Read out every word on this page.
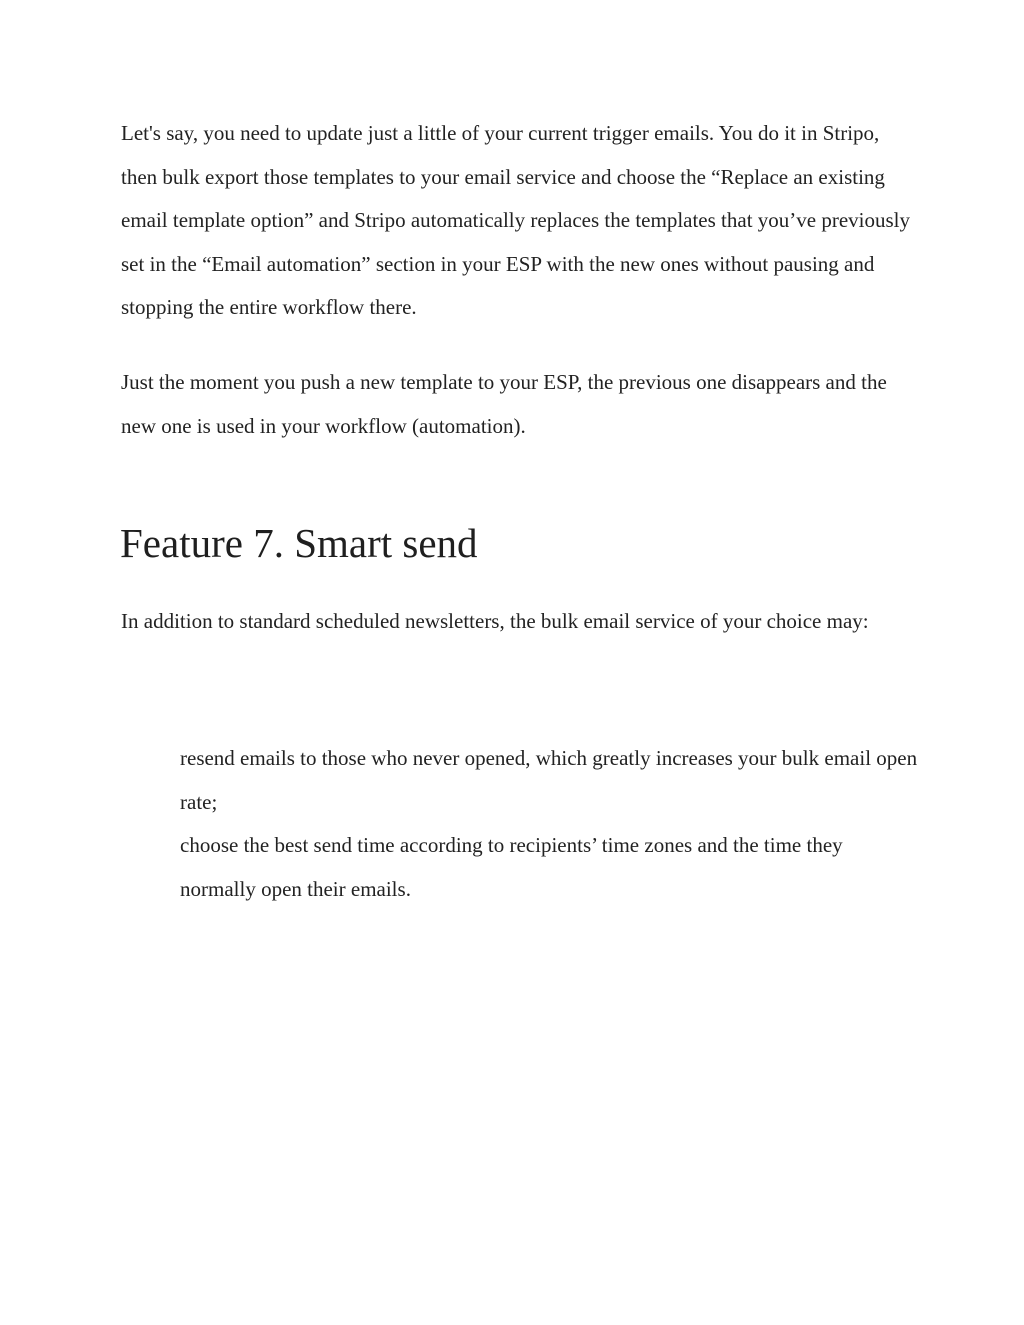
Let's say, you need to update just a little of your current trigger emails. You do it in Stripo, then bulk export those templates to your email service and choose the “Replace an existing email template option” and Stripo automatically replaces the templates that you’ve previously set in the “Email automation” section in your ESP with the new ones without pausing and stopping the entire workflow there.

Just the moment you push a new template to your ESP, the previous one disappears and the new one is used in your workflow (automation).

Feature 7. Smart send

In addition to standard scheduled newsletters, the bulk email service of your choice may:

resend emails to those who never opened, which greatly increases your bulk email open rate;
choose the best send time according to recipients’ time zones and the time they normally open their emails.
